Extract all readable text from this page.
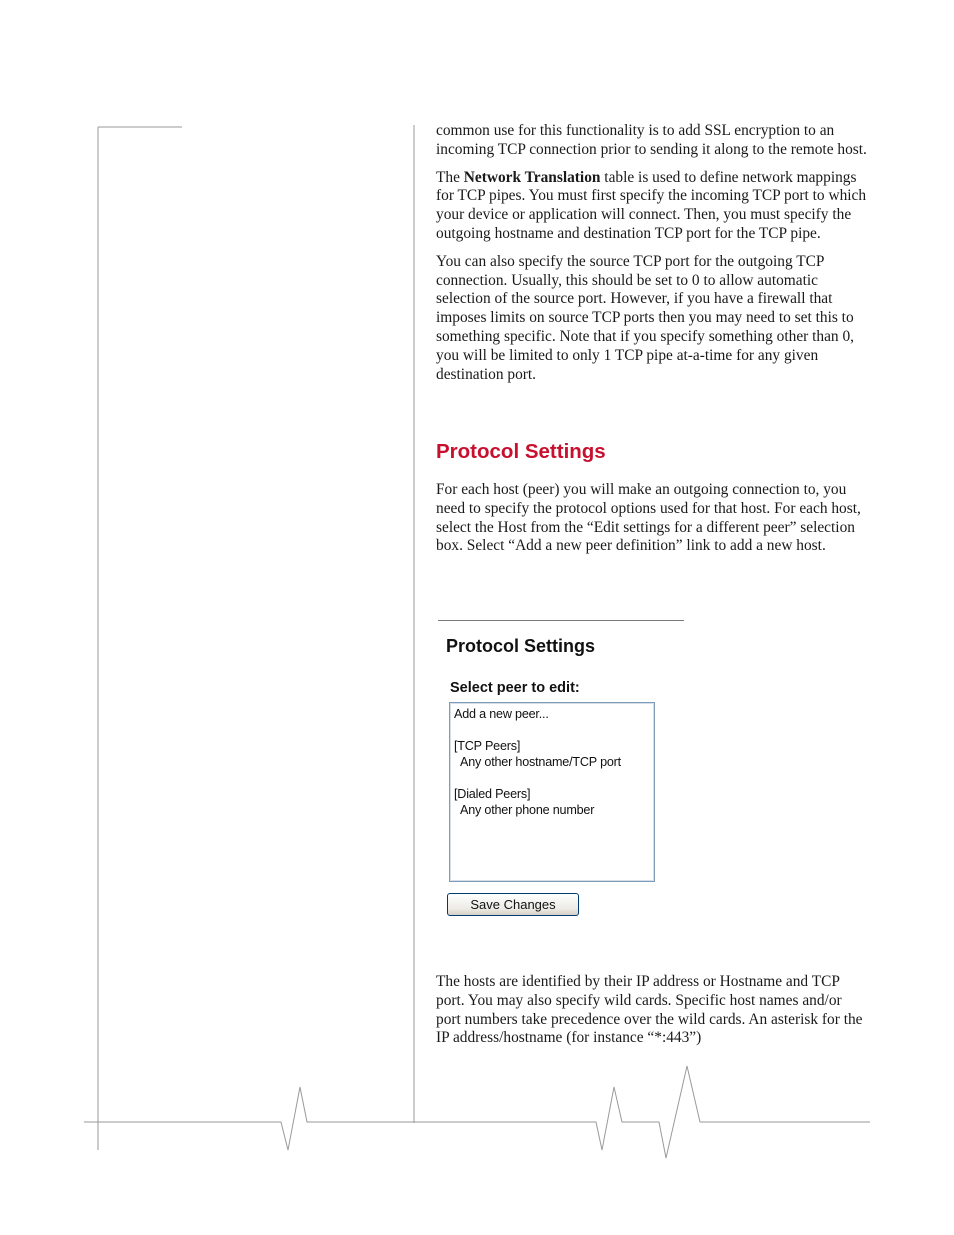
common use for this functionality is to add SSL encryption to an incoming TCP connection prior to sending it along to the remote host.

The Network Translation table is used to define network mappings for TCP pipes. You must first specify the incoming TCP port to which your device or application will connect. Then, you must specify the outgoing hostname and destination TCP port for the TCP pipe.

You can also specify the source TCP port for the outgoing TCP connection. Usually, this should be set to 0 to allow automatic selection of the source port. However, if you have a firewall that imposes limits on source TCP ports then you may need to set this to something specific. Note that if you specify something other than 0, you will be limited to only 1 TCP pipe at-a-time for any given destination port.

Protocol Settings

For each host (peer) you will make an outgoing connection to, you need to specify the protocol options used for that host. For each host, select the Host from the “Edit settings for a different peer” selection box. Select “Add a new peer definition” link to add a new host.

Protocol Settings
Select peer to edit:
Add a new peer...
[TCP Peers]
Any other hostname/TCP port
[Dialed Peers]
Any other phone number
Save Changes

The hosts are identified by their IP address or Hostname and TCP port. You may also specify wild cards. Specific host names and/or port numbers take precedence over the wild cards. An asterisk for the IP address/hostname (for instance “*:443”)
